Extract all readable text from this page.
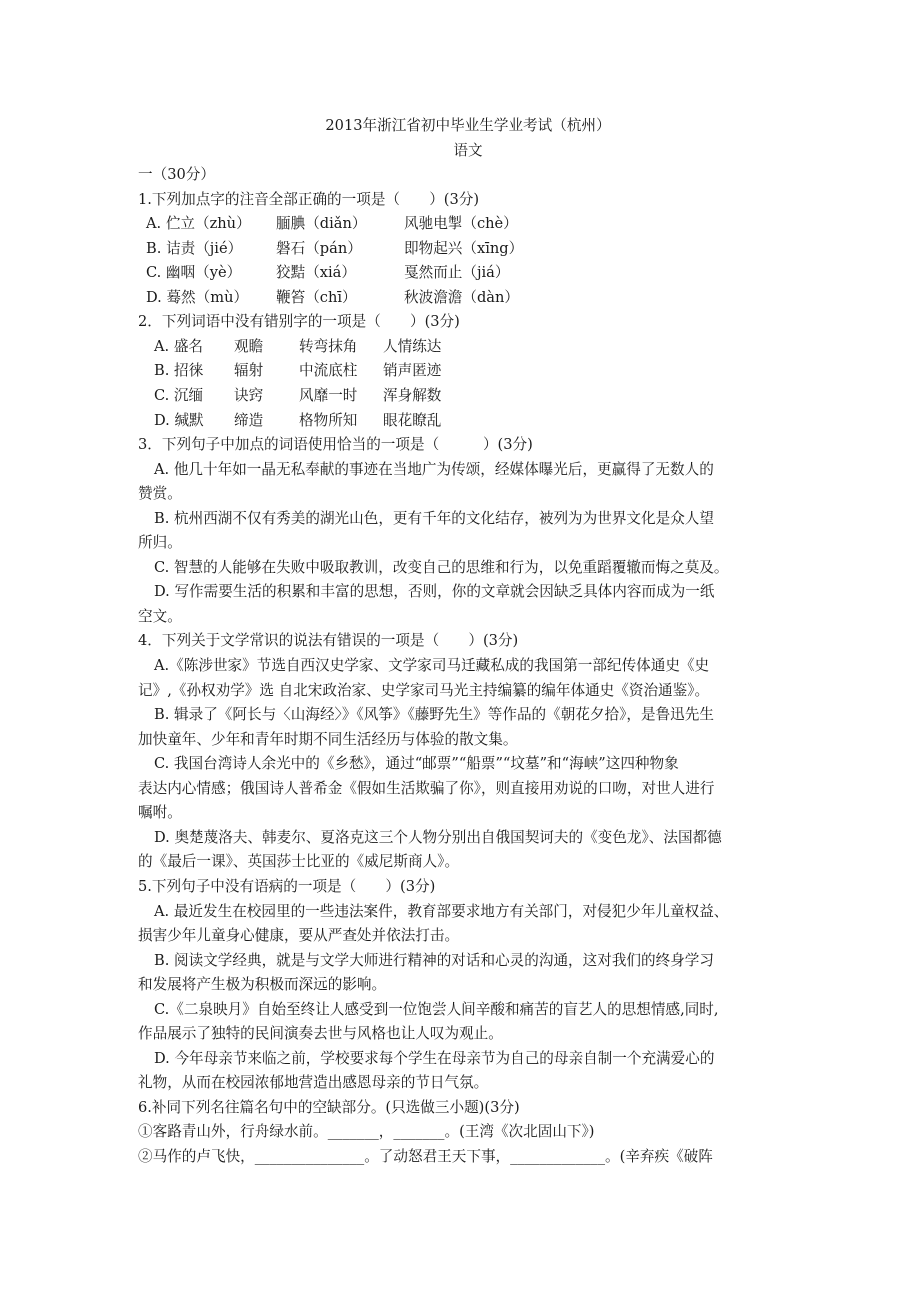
2013年浙江省初中毕业生学业考试（杭州）
语文
一（30分）
1.下列加点字的注音全部正确的一项是（　　）(3分)
A. 伫立（zhù） 腼腆（diǎn）	风驰电掣（chè）
B. 诘责（jié） 磐石（pán）	即物起兴（xīng）
C. 幽咽（yè） 狡黠（xiá）	戛然而止（jiá）
D. 蓦然（mù） 鞭笞（chī）	秋波澹澹（dàn）
2．下列词语中没有错别字的一项是（　　）(3分)
A. 盛名 观瞻 转弯抹角 人情练达
B. 招徕 辐射 中流底柱 销声匿迹
C. 沉缅 诀窍 风靡一时 浑身解数
D. 缄默 缔造 格物所知 眼花瞭乱
3．下列句子中加点的词语使用恰当的一项是（　　　）(3分)
A. 他几十年如一晶无私奉献的事迹在当地广为传颂，经媒体曝光后，更赢得了无数人的
赞赏。
B. 杭州西湖不仅有秀美的湖光山色，更有千年的文化结存，被列为为世界文化是众人望
所归。
C. 智慧的人能够在失败中吸取教训，改变自己的思维和行为，以免重蹈覆辙而悔之莫及。
D. 写作需要生活的积累和丰富的思想，否则，你的文章就会因缺乏具体内容而成为一纸
空文。
4．下列关于文学常识的说法有错误的一项是（　　）(3分)
A.《陈涉世家》节选自西汉史学家、文学家司马迁藏私成的我国第一部纪传体通史《史
记》,《孙权劝学》选 自北宋政治家、史学家司马光主持编纂的编年体通史《资治通鉴》。
B. 辑录了《阿长与〈山海经〉》《风筝》《藤野先生》等作品的《朝花夕拾》，是鲁迅先生
加快童年、少年和青年时期不同生活经历与体验的散文集。
C. 我国台湾诗人余光中的《乡愁》，通过“邮票”“船票”“坟墓”和“海峡”这四种物象
表达内心情感；俄国诗人普希金《假如生活欺骗了你》，则直接用劝说的口吻，对世人进行
嘱咐。
D. 奥楚蔑洛夫、韩麦尔、夏洛克这三个人物分别出自俄国契诃夫的《变色龙》、法国都德
的《最后一课》、英国莎士比亚的《威尼斯商人》。
5.下列句子中没有语病的一项是（　　）(3分)
A. 最近发生在校园里的一些违法案件，教育部要求地方有关部门，对侵犯少年儿童权益、
损害少年儿童身心健康，要从严查处并依法打击。
B. 阅读文学经典，就是与文学大师进行精神的对话和心灵的沟通，这对我们的终身学习
和发展将产生极为积极而深远的影响。
C.《二泉映月》自始至终让人感受到一位饱尝人间辛酸和痛苦的盲艺人的思想情感,同时,
作品展示了独特的民间演奏去世与风格也让人叹为观止。
D. 今年母亲节来临之前，学校要求每个学生在母亲节为自己的母亲自制一个充满爱心的
礼物，从而在校园浓郁地营造出感恩母亲的节日气氛。
6.补同下列名往篇名句中的空缺部分。(只选做三小题)(3分)
①客路青山外，行舟绿水前。_______，_______。(王湾《次北固山下》)
②马作的卢飞快，_______________。了动怒君王天下事，_____________。(辛弃疾《破阵
